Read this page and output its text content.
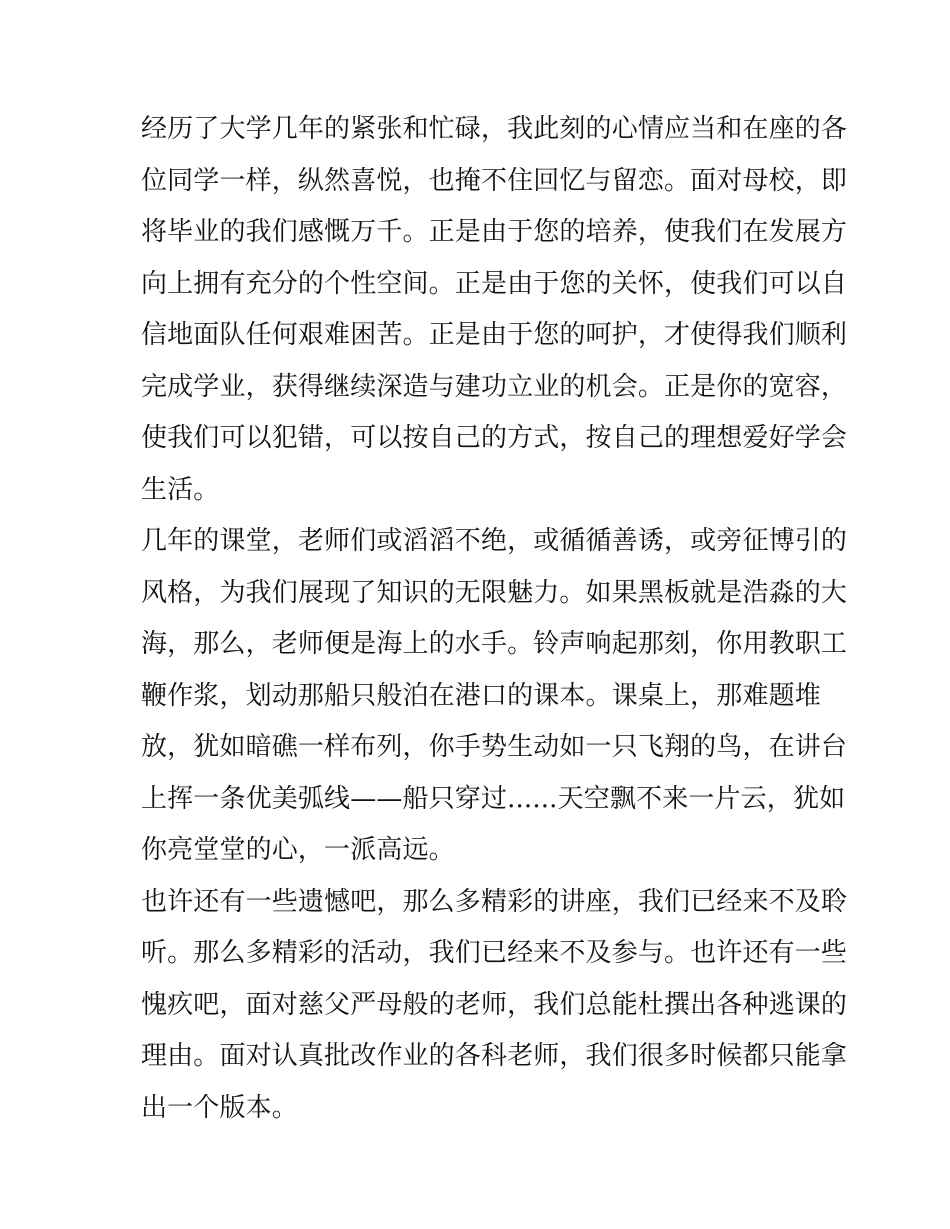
经历了大学几年的紧张和忙碌，我此刻的心情应当和在座的各
位同学一样，纵然喜悦，也掩不住回忆与留恋。面对母校，即
将毕业的我们感慨万千。正是由于您的培养，使我们在发展方
向上拥有充分的个性空间。正是由于您的关怀，使我们可以自
信地面队任何艰难困苦。正是由于您的呵护，才使得我们顺利
完成学业，获得继续深造与建功立业的机会。正是你的宽容，
使我们可以犯错，可以按自己的方式，按自己的理想爱好学会
生活。
几年的课堂，老师们或滔滔不绝，或循循善诱，或旁征博引的
风格，为我们展现了知识的无限魅力。如果黑板就是浩淼的大
海，那么，老师便是海上的水手。铃声响起那刻，你用教职工
鞭作浆，划动那船只般泊在港口的课本。课桌上，那难题堆
放，犹如暗礁一样布列，你手势生动如一只飞翔的鸟，在讲台
上挥一条优美弧线——船只穿过......天空飘不来一片云，犹如
你亮堂堂的心，一派高远。
也许还有一些遗憾吧，那么多精彩的讲座，我们已经来不及聆
听。那么多精彩的活动，我们已经来不及参与。也许还有一些
愧疚吧，面对慈父严母般的老师，我们总能杜撰出各种逃课的
理由。面对认真批改作业的各科老师，我们很多时候都只能拿
出一个版本。
